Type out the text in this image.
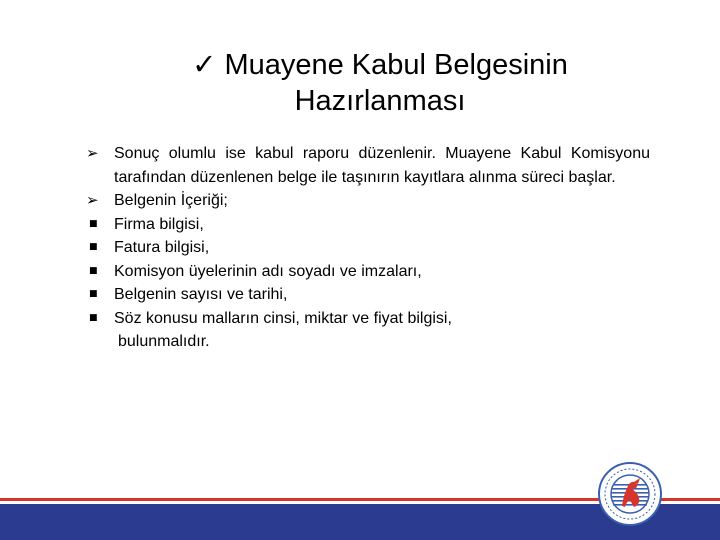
✓ Muayene Kabul Belgesinin
Hazırlanması
➢ Sonuç olumlu ise kabul raporu düzenlenir. Muayene Kabul Komisyonu tarafından düzenlenen belge ile taşınırın kayıtlara alınma süreci başlar.
➢ Belgenin İçeriği;
■	Firma bilgisi,
■	Fatura bilgisi,
■	Komisyon üyelerinin adı soyadı ve imzaları,
■	Belgenin sayısı ve tarihi,
■	Söz konusu malların cinsi, miktar ve fiyat bilgisi,
bulunmalıdır.
